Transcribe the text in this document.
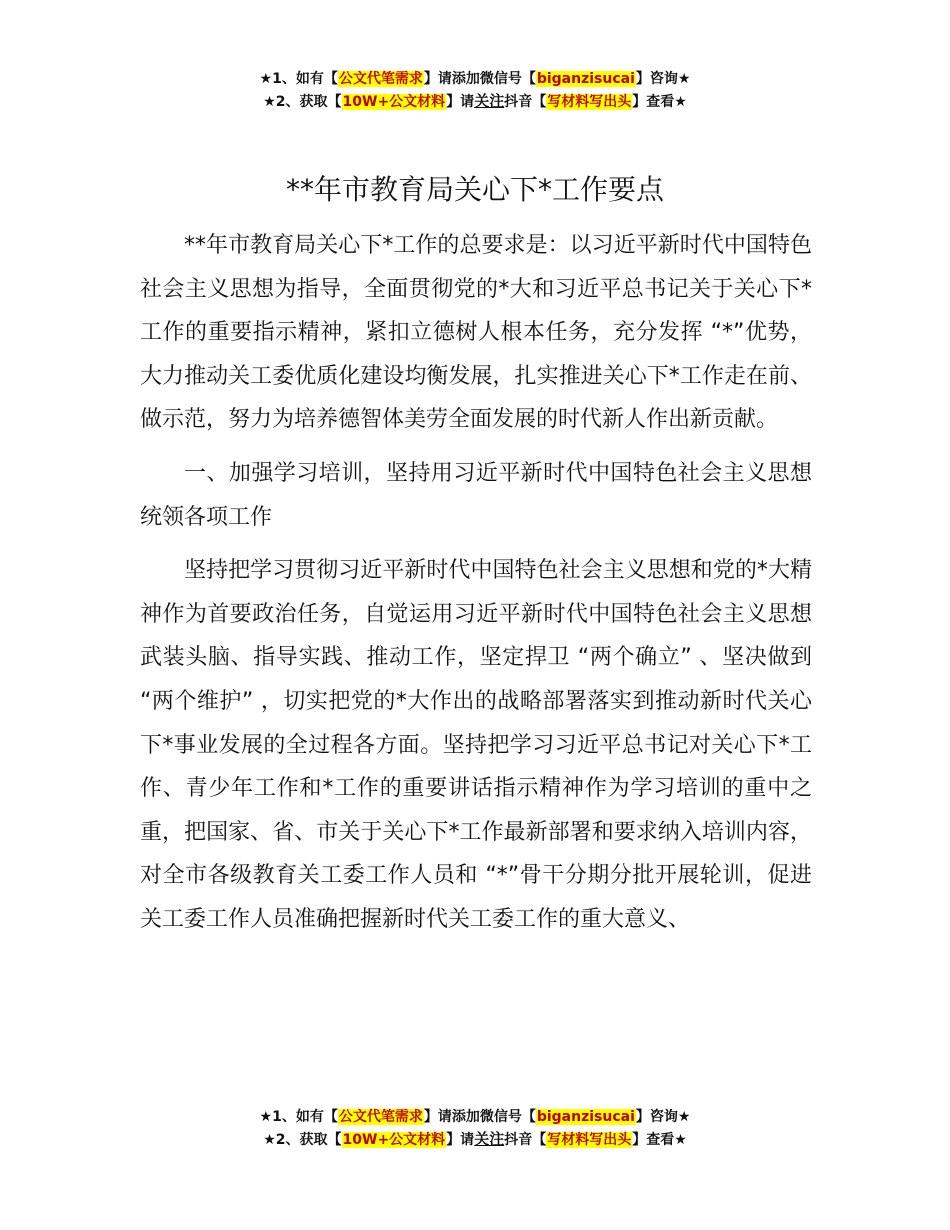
★1、如有【公文代笔需求】请添加微信号【biganzisucai】咨询★
★2、获取【10W+公文材料】请关注抖音【写材料写出头】查看★
**年市教育局关心下*工作要点

**年市教育局关心下*工作的总要求是：以习近平新时代中国特色社会主义思想为指导，全面贯彻党的*大和习近平总书记关于关心下*工作的重要指示精神，紧扣立德树人根本任务，充分发挥 “*”优势，大力推动关工委优质化建设均衡发展，扎实推进关心下*工作走在前、做示范，努力为培养德智体美劳全面发展的时代新人作出新贡献。

一、加强学习培训，坚持用习近平新时代中国特色社会主义思想统领各项工作

坚持把学习贯彻习近平新时代中国特色社会主义思想和党的*大精神作为首要政治任务，自觉运用习近平新时代中国特色社会主义思想武装头脑、指导实践、推动工作，坚定捍卫 “两个确立” 、坚决做到 “两个维护” ，切实把党的*大作出的战略部署落实到推动新时代关心下*事业发展的全过程各方面。坚持把学习习近平总书记对关心下*工作、青少年工作和*工作的重要讲话指示精神作为学习培训的重中之重，把国家、省、市关于关心下*工作最新部署和要求纳入培训内容，对全市各级教育关工委工作人员和 “*”骨干分期分批开展轮训，促进关工委工作人员准确把握新时代关工委工作的重大意义、

★1、如有【公文代笔需求】请添加微信号【biganzisucai】咨询★
★2、获取【10W+公文材料】请关注抖音【写材料写出头】查看★
